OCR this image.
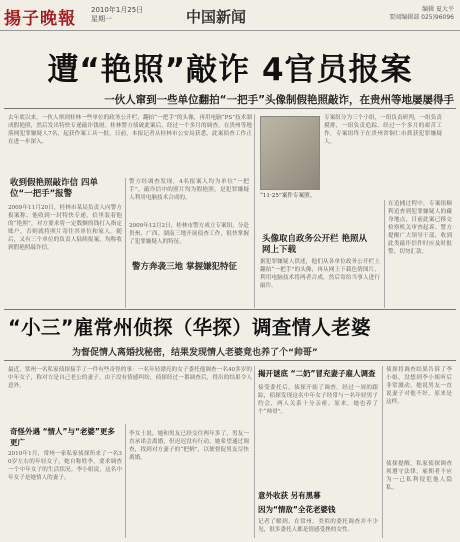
揚子晚報 2010年1月25日
星期一	中国新闻	编辑 夏大平
要闻编辑部 025)96096
遭“艳照”敲诈 4官员报案
一伙人窜到一些单位翻拍“一把手”头像制假艳照敲诈，在贵州等地屡屡得手
去年底以来，一伙人窜到桂林一些单位的政务公开栏，翻拍“一把手”的头像，再用电脑“PS”技术制成假艳照，然后发出特快专递敲诈钱财。桂林警方侦破此案后，经过一个多月的调查，在贵州等地落网犯罪嫌疑人7名，起获作案工具一批。日前，本报记者从桂林市公安局获悉，此案侦查工作正在进一步深入。
收到假艳照敲诈信 四单位“一把手”报警
2009年11月20日，桂林市某局负责人向警方报案称，他收到一封特快专递，信里装着他的“艳照”，对方要求将一定数额的钱打入指定账户，否则就将照片寄往其单位和家人。随后，又有三个单位的负责人陆续报案，均称收到假艳照敲诈信。
警方经调查发现，4名报案人均为单位“一把手”，敲诈信中的照片均为假艳照，是犯罪嫌疑人利用电脑技术合成的。
2009年12月2日，桂林市警方成立专案组，分赴贵州、广西、湖南三地开展侦查工作，很快掌握了犯罪嫌疑人的特征。
警方奔袭三地 掌握嫌犯特征
“11·25”案件专案照。
专案组分为三个小组，一组负责研判，一组负责摸排，一组负责追踪。经过一个多月的艰苦工作，专案组终于在贵州省铜仁市抓获犯罪嫌疑人。
头像取自政务公开栏 艳照从网上下载
据犯罪嫌疑人供述，他们从各单位政务公开栏上翻拍“一把手”的头像，再从网上下载色情图片，利用电脑技术将两者合成，然后寄给当事人进行敲诈。
在追捕过程中，专案组顺利追查到犯罪嫌疑人的藏身地点，目前此案已移交检察机关审查起诉。警方提醒广大领导干部，收到此类敲诈信件时应及时报警，切勿汇款。
“小三”雇常州侦探（华探）调查情人老婆
为督促情人离婚找秘密，结果发现情人老婆竟也养了个“帅哥”
最近，常州一名私家侦探接手了一件有些奇怪的事：一名年轻漂亮的女子委托他调查一名40多岁的中年女子，称对方是自己老公的妻子。由于没有情感纠纷，侦探经过一番调查后，得出的结果令人意外。
奇怪外遇 “情人”与“老婆”更多更广
2010年1月，常州一家私家侦探所来了一名30岁左右的年轻女子，她自称姓李，要求调查一个中年女子的生活状况。李小姐说，这名中年女子是她情人的妻子。
李女士说，她和男友已经交往两年多了，男友一直承诺会离婚，但迟迟没有行动。她希望通过调查，找到对方妻子的“把柄”，以便督促男友尽快离婚。
揭开谜底 “二奶”冒充妻子雇人调查
接受委托后，侦探开始了调查。经过一周的跟踪，侦探发现这名中年女子经常与一名年轻男子约会，两人关系十分亲密。原来，她也养了个“帅哥”。
意外收获 另有黑幕
因为“情敌”全花老婆钱
记者了解到，在常州，类似的委托调查并不少见，很多委托人都是情感受挫的女性。
侦探将调查结果告诉了李小姐，没想到李小姐听后非常激动，她说男友一直说妻子对他不好，原来是这样。
侦探提醒，私家侦探调查须遵守法律，雇佣者不应为一己私利侵犯他人隐私。
